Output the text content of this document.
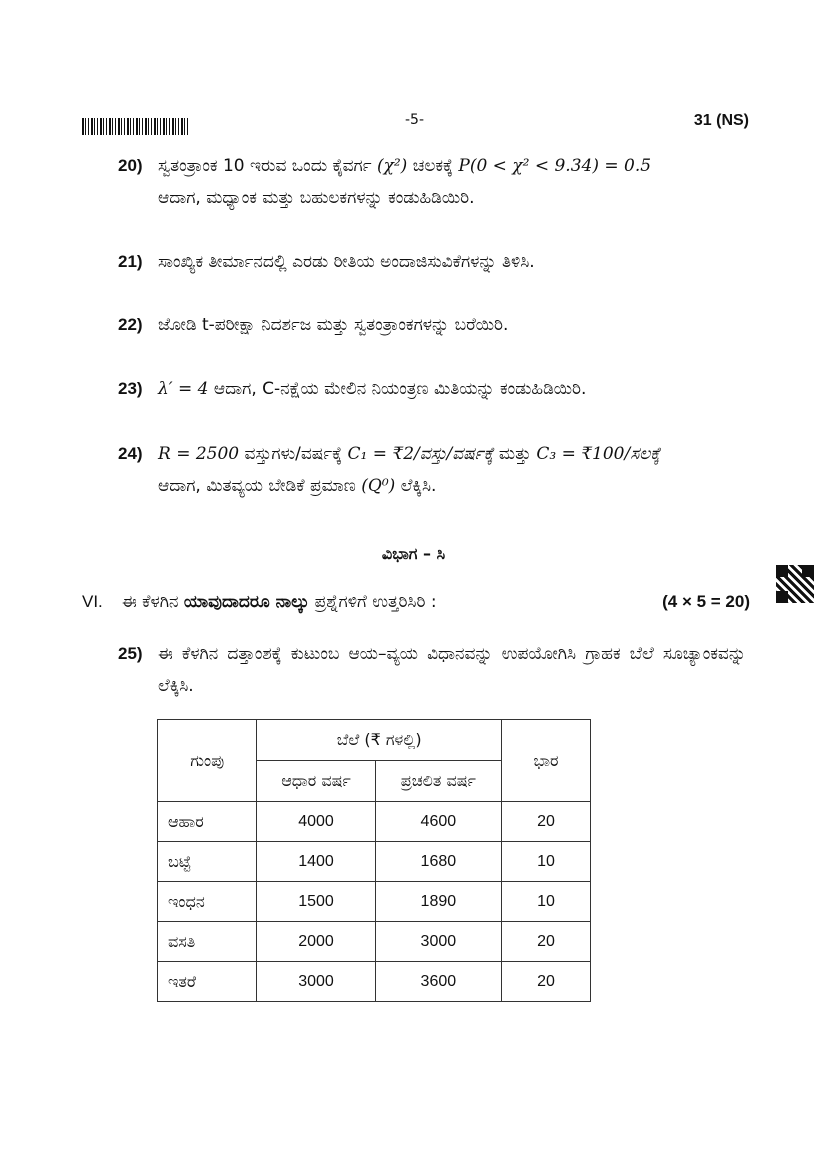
-5-	31 (NS)
20) ಸ್ವತಂತ್ರಾಂಕ 10 ಇರುವ ಒಂದು ಕೈವರ್ಗ (χ²) ಚಲಕಕ್ಕೆ P(0 < χ² < 9.34) = 0.5
ಆದಾಗ, ಮಧ್ಯಾಂಕ ಮತ್ತು ಬಹುಲಕಗಳನ್ನು ಕಂಡುಹಿಡಿಯಿರಿ.
21) ಸಾಂಖ್ಯಿಕ ತೀರ್ಮಾನದಲ್ಲಿ ಎರಡು ರೀತಿಯ ಅಂದಾಜಿಸುವಿಕೆಗಳನ್ನು ತಿಳಿಸಿ.
22) ಜೋಡಿ t-ಪರೀಕ್ಷಾ ನಿದರ್ಶಜ ಮತ್ತು ಸ್ವತಂತ್ರಾಂಕಗಳನ್ನು ಬರೆಯಿರಿ.
23) λ′ = 4 ಆದಾಗ, C-ನಕ್ಷೆಯ ಮೇಲಿನ ನಿಯಂತ್ರಣ ಮಿತಿಯನ್ನು ಕಂಡುಹಿಡಿಯಿರಿ.
24) R = 2500 ವಸ್ತುಗಳು/ವರ್ಷಕ್ಕೆ C₁ = ₹2/ವಸ್ತು/ವರ್ಷಕ್ಕೆ ಮತ್ತು C₃ = ₹100/ಸಲಕ್ಕೆ
ಆದಾಗ, ಮಿತವ್ಯಯ ಬೇಡಿಕೆ ಪ್ರಮಾಣ (Q⁰) ಲೆಕ್ಕಿಸಿ.
ವಿಭಾಗ – ಸಿ
VI. ಈ ಕೆಳಗಿನ ಯಾವುದಾದರೂ ನಾಲ್ಕು ಪ್ರಶ್ನೆಗಳಿಗೆ ಉತ್ತರಿಸಿರಿ :	(4 × 5 = 20)
25) ಈ ಕೆಳಗಿನ ದತ್ತಾಂಶಕ್ಕೆ ಕುಟುಂಬ ಆಯ–ವ್ಯಯ ವಿಧಾನವನ್ನು ಉಪಯೋಗಿಸಿ ಗ್ರಾಹಕ ಬೆಲೆ ಸೂಚ್ಯಾಂಕವನ್ನು ಲೆಕ್ಕಿಸಿ.
ಗುಂಪು	ಬೆಲೆ (₹ ಗಳಲ್ಲಿ)		ಭಾರ
	ಆಧಾರ ವರ್ಷ	ಪ್ರಚಲಿತ ವರ್ಷ	
ಆಹಾರ	4000	4600	20
ಬಟ್ಟೆ	1400	1680	10
ಇಂಧನ	1500	1890	10
ವಸತಿ	2000	3000	20
ಇತರೆ	3000	3600	20
